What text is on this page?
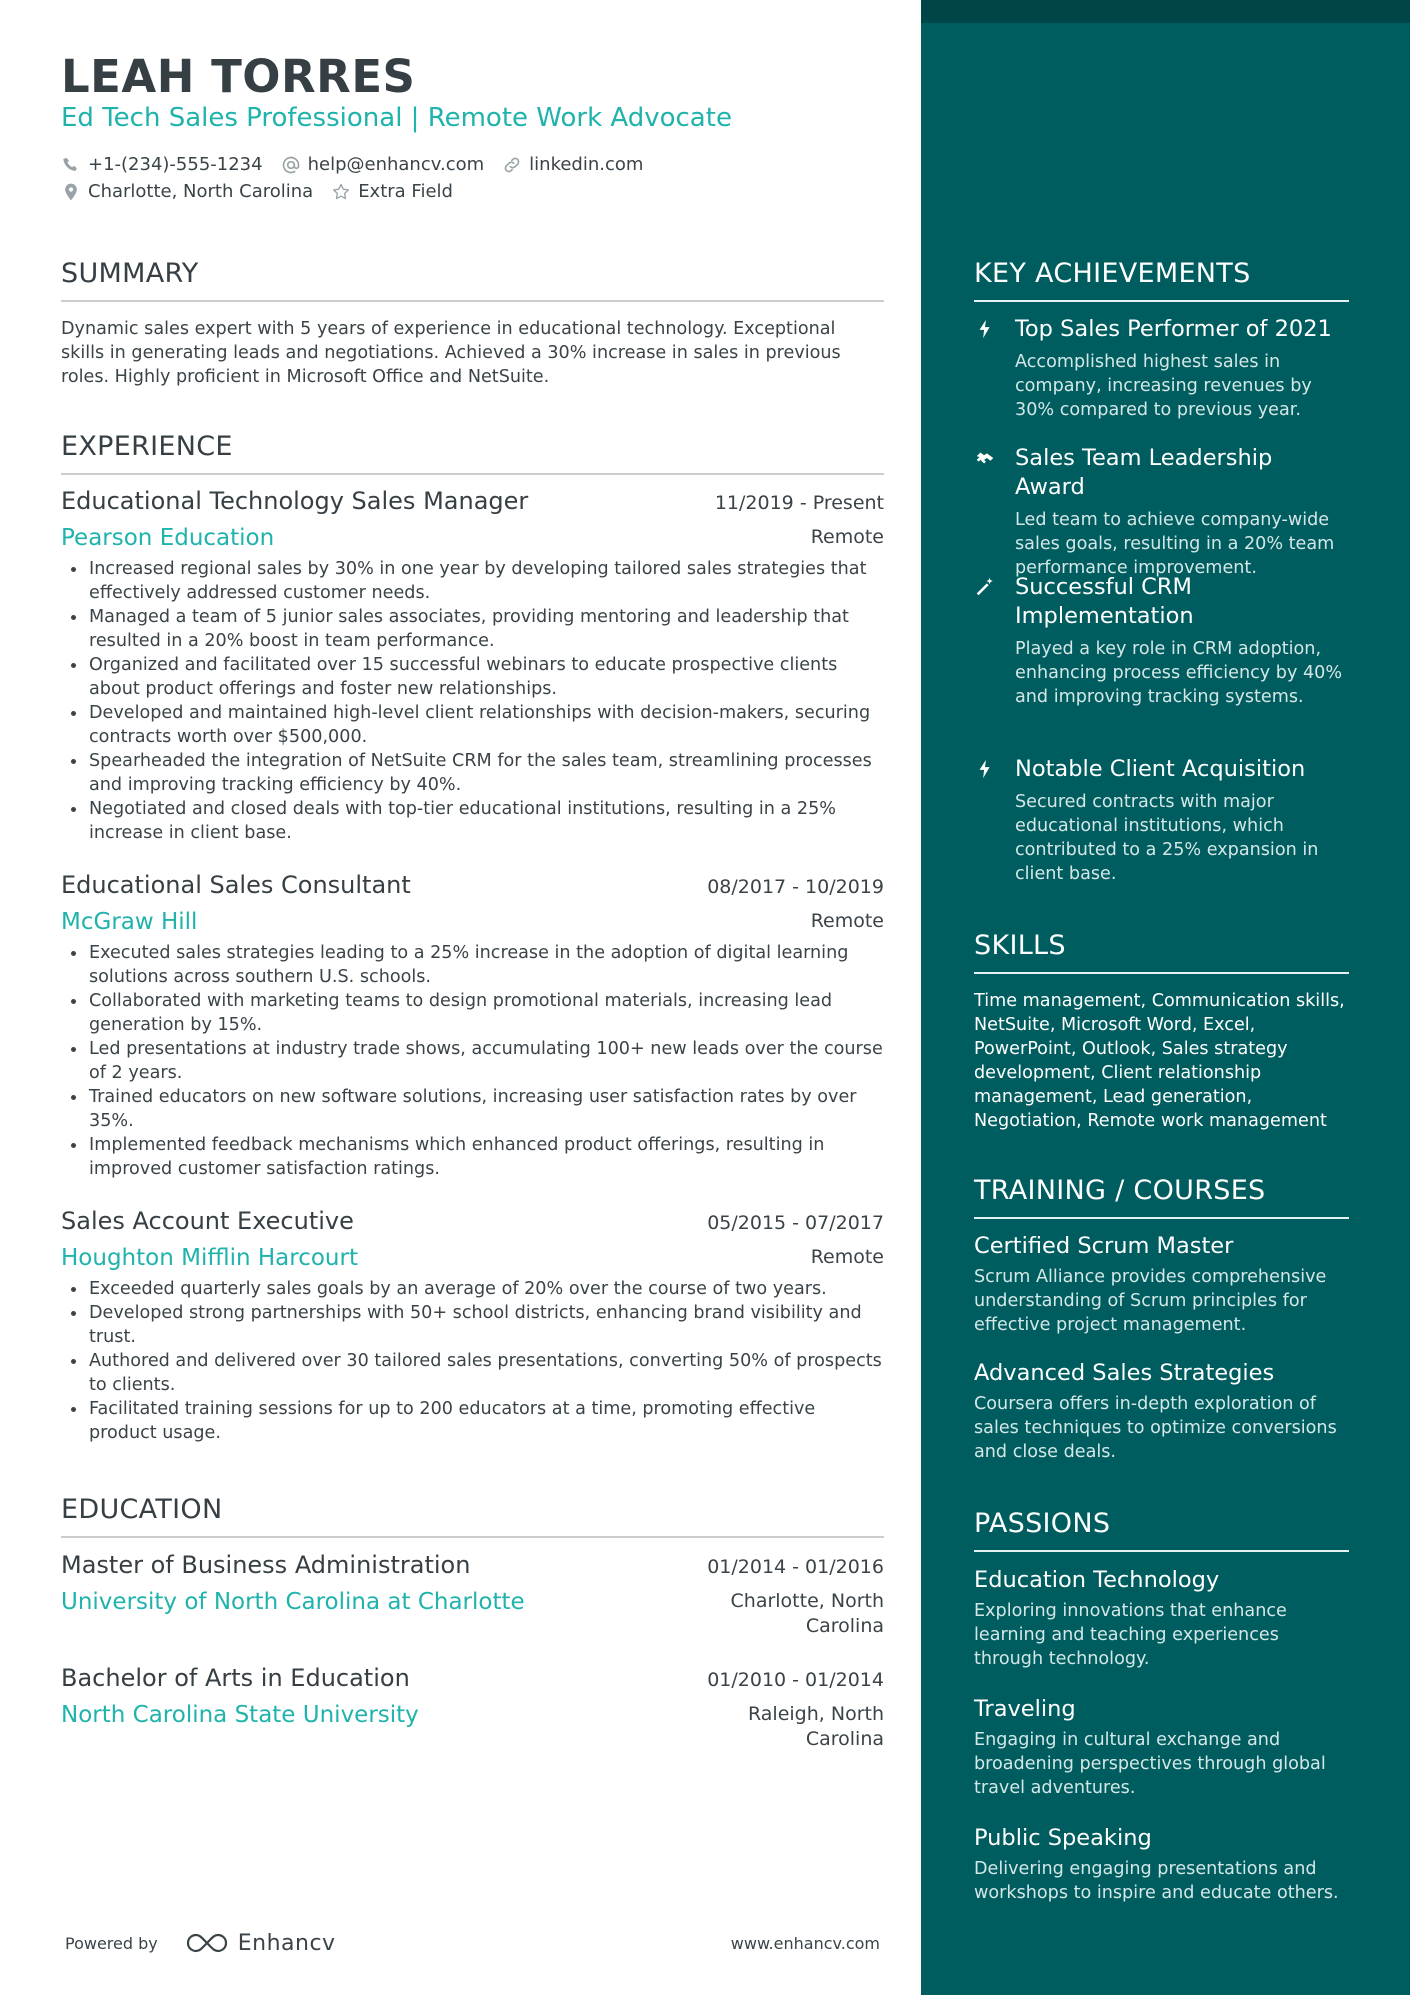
LEAH TORRES
Ed Tech Sales Professional | Remote Work Advocate
+1-(234)-555-1234	help@enhancv.com	linkedin.com
Charlotte, North Carolina	Extra Field
SUMMARY
Dynamic sales expert with 5 years of experience in educational technology. Exceptional skills in generating leads and negotiations. Achieved a 30% increase in sales in previous roles. Highly proficient in Microsoft Office and NetSuite.
EXPERIENCE
Educational Technology Sales Manager	11/2019 - Present
Pearson Education	Remote
Increased regional sales by 30% in one year by developing tailored sales strategies that effectively addressed customer needs.
Managed a team of 5 junior sales associates, providing mentoring and leadership that resulted in a 20% boost in team performance.
Organized and facilitated over 15 successful webinars to educate prospective clients about product offerings and foster new relationships.
Developed and maintained high-level client relationships with decision-makers, securing contracts worth over $500,000.
Spearheaded the integration of NetSuite CRM for the sales team, streamlining processes and improving tracking efficiency by 40%.
Negotiated and closed deals with top-tier educational institutions, resulting in a 25% increase in client base.
Educational Sales Consultant	08/2017 - 10/2019
McGraw Hill	Remote
Executed sales strategies leading to a 25% increase in the adoption of digital learning solutions across southern U.S. schools.
Collaborated with marketing teams to design promotional materials, increasing lead generation by 15%.
Led presentations at industry trade shows, accumulating 100+ new leads over the course of 2 years.
Trained educators on new software solutions, increasing user satisfaction rates by over 35%.
Implemented feedback mechanisms which enhanced product offerings, resulting in improved customer satisfaction ratings.
Sales Account Executive	05/2015 - 07/2017
Houghton Mifflin Harcourt	Remote
Exceeded quarterly sales goals by an average of 20% over the course of two years.
Developed strong partnerships with 50+ school districts, enhancing brand visibility and trust.
Authored and delivered over 30 tailored sales presentations, converting 50% of prospects to clients.
Facilitated training sessions for up to 200 educators at a time, promoting effective product usage.
EDUCATION
Master of Business Administration	01/2014 - 01/2016
University of North Carolina at Charlotte	Charlotte, North
Carolina
Bachelor of Arts in Education	01/2010 - 01/2014
North Carolina State University	Raleigh, North
Carolina
Powered by	Enhancv	www.enhancv.com
KEY ACHIEVEMENTS
Top Sales Performer of 2021
Accomplished highest sales in company, increasing revenues by 30% compared to previous year.
Sales Team Leadership Award
Led team to achieve company-wide sales goals, resulting in a 20% team performance improvement.
Successful CRM Implementation
Played a key role in CRM adoption, enhancing process efficiency by 40% and improving tracking systems.
Notable Client Acquisition
Secured contracts with major educational institutions, which contributed to a 25% expansion in client base.
SKILLS
Time management, Communication skills, NetSuite, Microsoft Word, Excel, PowerPoint, Outlook, Sales strategy development, Client relationship management, Lead generation, Negotiation, Remote work management
TRAINING / COURSES
Certified Scrum Master
Scrum Alliance provides comprehensive understanding of Scrum principles for effective project management.
Advanced Sales Strategies
Coursera offers in-depth exploration of sales techniques to optimize conversions and close deals.
PASSIONS
Education Technology
Exploring innovations that enhance learning and teaching experiences through technology.
Traveling
Engaging in cultural exchange and broadening perspectives through global travel adventures.
Public Speaking
Delivering engaging presentations and workshops to inspire and educate others.
